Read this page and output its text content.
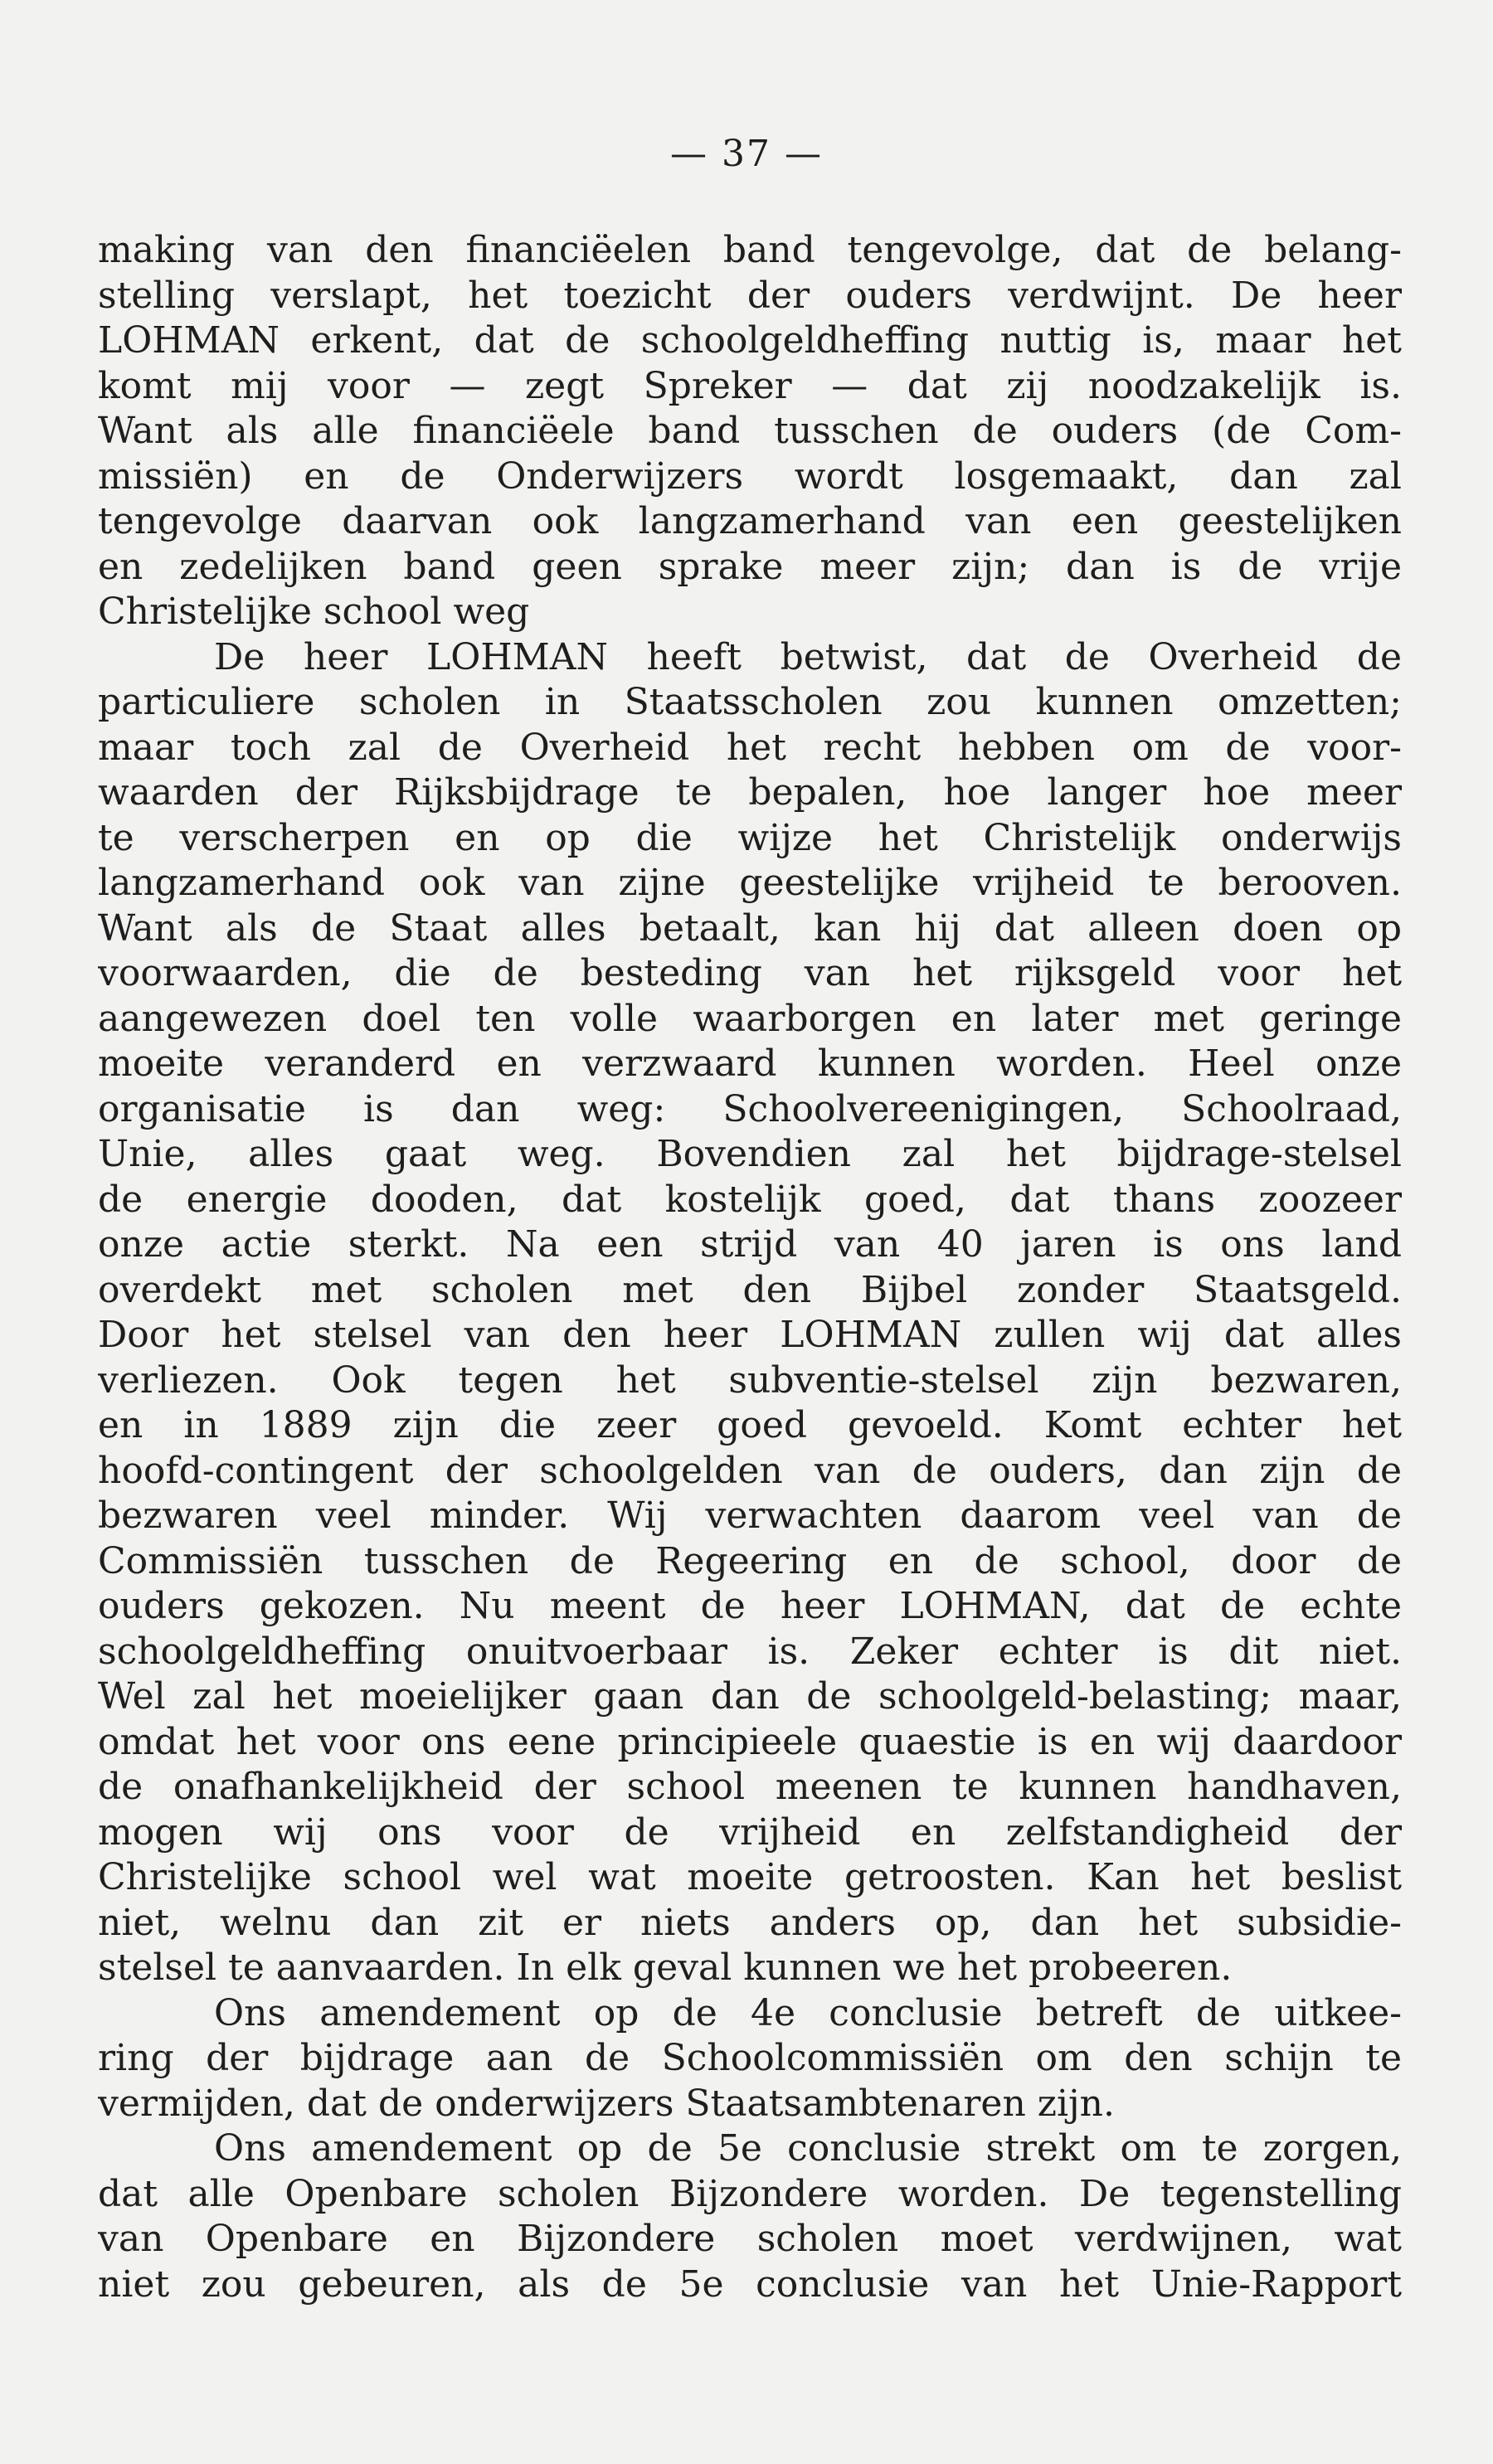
— 37 —
making van den financiëelen band tengevolge, dat de belang-
stelling verslapt, het toezicht der ouders verdwijnt. De heer
LOHMAN erkent, dat de schoolgeldheffing nuttig is, maar het
komt mij voor — zegt Spreker — dat zij noodzakelijk is.
Want als alle financiëele band tusschen de ouders (de Com-
missiën) en de Onderwijzers wordt losgemaakt, dan zal
tengevolge daarvan ook langzamerhand van een geestelijken
en zedelijken band geen sprake meer zijn; dan is de vrije
Christelijke school weg
De heer LOHMAN heeft betwist, dat de Overheid de
particuliere scholen in Staatsscholen zou kunnen omzetten;
maar toch zal de Overheid het recht hebben om de voor-
waarden der Rijksbijdrage te bepalen, hoe langer hoe meer
te verscherpen en op die wijze het Christelijk onderwijs
langzamerhand ook van zijne geestelijke vrijheid te berooven.
Want als de Staat alles betaalt, kan hij dat alleen doen op
voorwaarden, die de besteding van het rijksgeld voor het
aangewezen doel ten volle waarborgen en later met geringe
moeite veranderd en verzwaard kunnen worden. Heel onze
organisatie is dan weg: Schoolvereenigingen, Schoolraad,
Unie, alles gaat weg. Bovendien zal het bijdrage-stelsel
de energie dooden, dat kostelijk goed, dat thans zoozeer
onze actie sterkt. Na een strijd van 40 jaren is ons land
overdekt met scholen met den Bijbel zonder Staatsgeld.
Door het stelsel van den heer LOHMAN zullen wij dat alles
verliezen. Ook tegen het subventie-stelsel zijn bezwaren,
en in 1889 zijn die zeer goed gevoeld. Komt echter het
hoofd-contingent der schoolgelden van de ouders, dan zijn de
bezwaren veel minder. Wij verwachten daarom veel van de
Commissiën tusschen de Regeering en de school, door de
ouders gekozen. Nu meent de heer LOHMAN, dat de echte
schoolgeldheffing onuitvoerbaar is. Zeker echter is dit niet.
Wel zal het moeielijker gaan dan de schoolgeld-belasting; maar,
omdat het voor ons eene principieele quaestie is en wij daardoor
de onafhankelijkheid der school meenen te kunnen handhaven,
mogen wij ons voor de vrijheid en zelfstandigheid der
Christelijke school wel wat moeite getroosten. Kan het beslist
niet, welnu dan zit er niets anders op, dan het subsidie-
stelsel te aanvaarden. In elk geval kunnen we het probeeren.
Ons amendement op de 4e conclusie betreft de uitkee-
ring der bijdrage aan de Schoolcommissiën om den schijn te
vermijden, dat de onderwijzers Staatsambtenaren zijn.
Ons amendement op de 5e conclusie strekt om te zorgen,
dat alle Openbare scholen Bijzondere worden. De tegenstelling
van Openbare en Bijzondere scholen moet verdwijnen, wat
niet zou gebeuren, als de 5e conclusie van het Unie-Rapport
